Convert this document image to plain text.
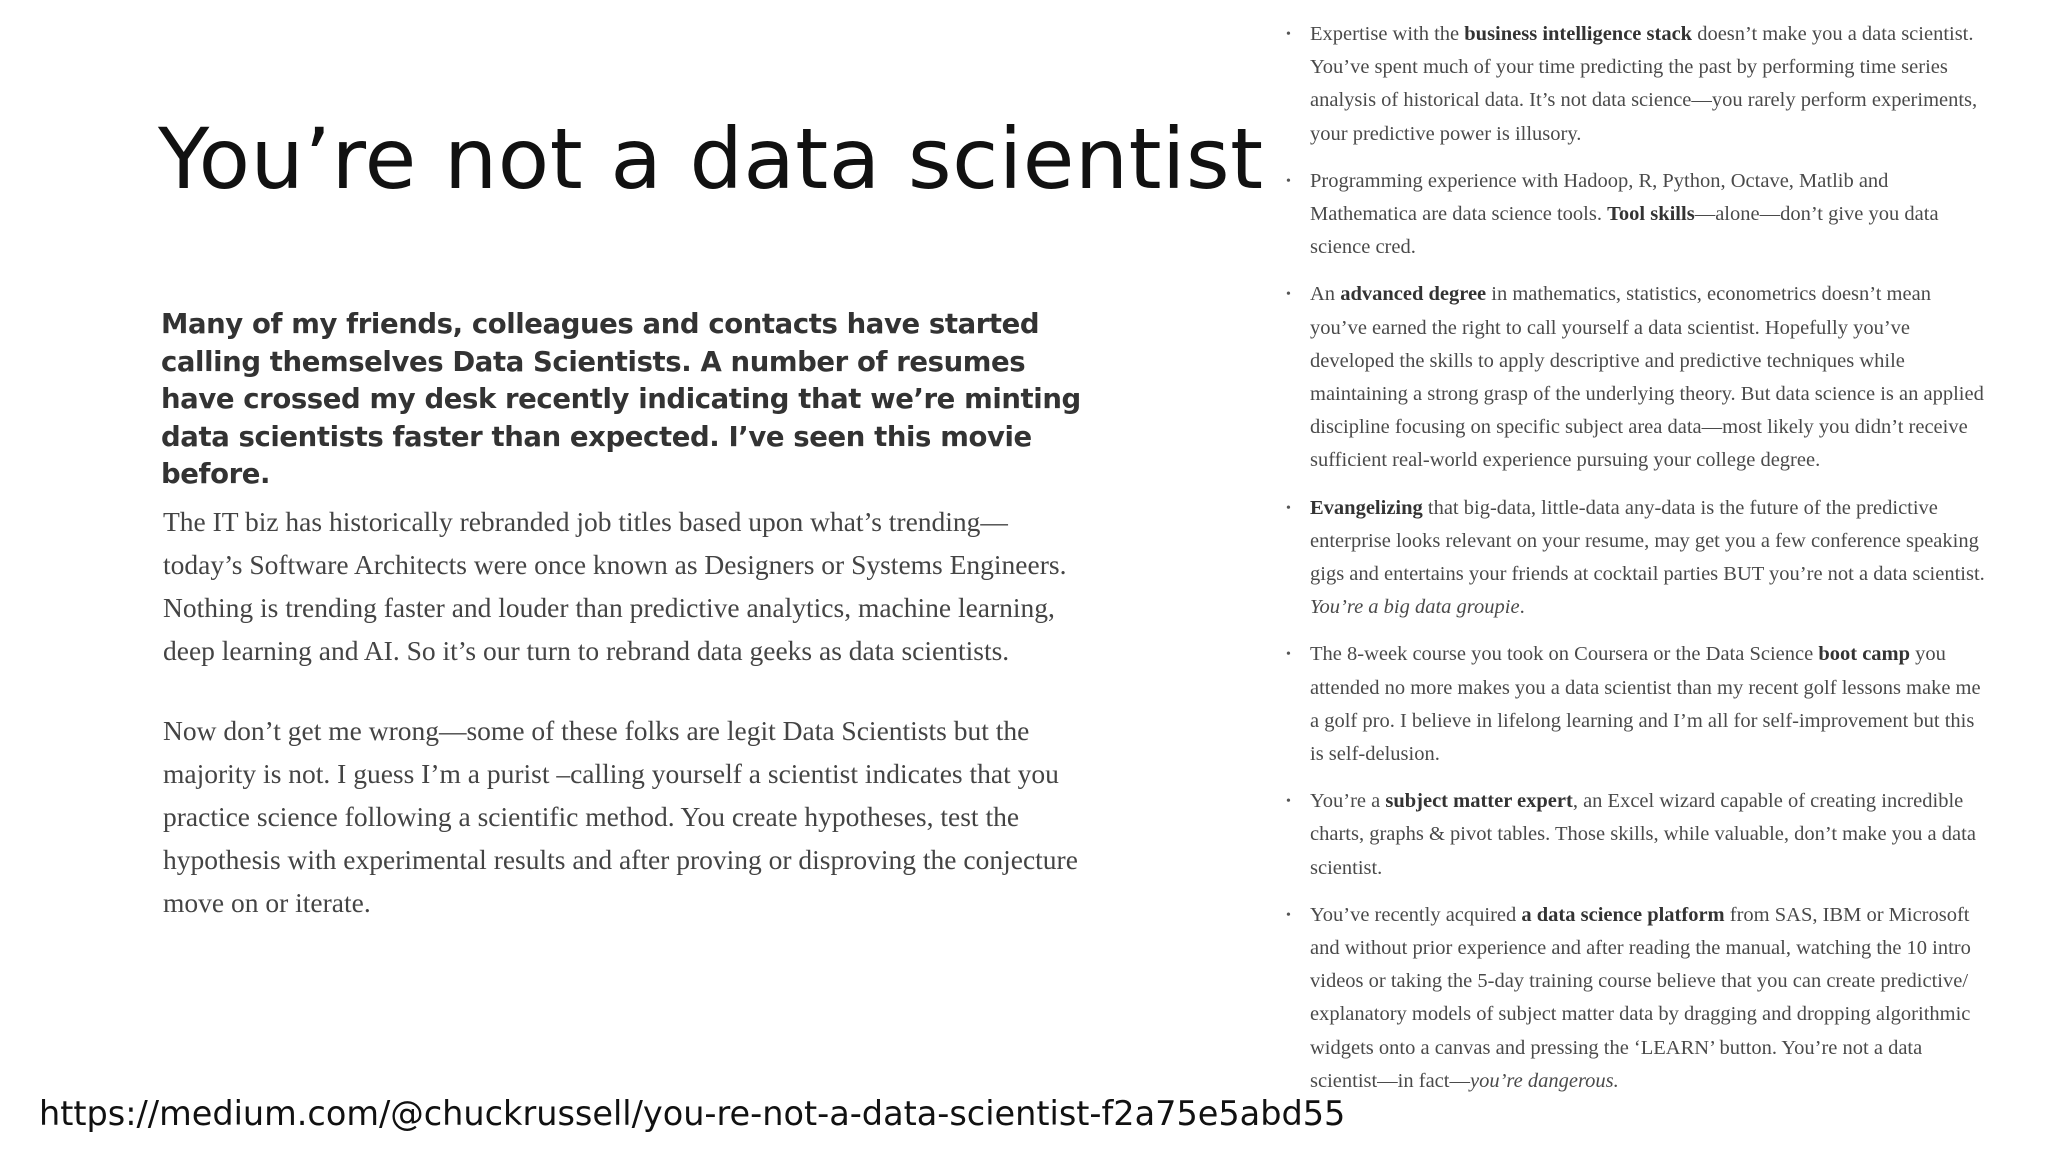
You’re not a data scientist

Many of my friends, colleagues and contacts have started calling themselves Data Scientists. A number of resumes have crossed my desk recently indicating that we’re minting data scientists faster than expected. I’ve seen this movie before.

The IT biz has historically rebranded job titles based upon what’s trending—today’s Software Architects were once known as Designers or Systems Engineers. Nothing is trending faster and louder than predictive analytics, machine learning, deep learning and AI. So it’s our turn to rebrand data geeks as data scientists.

Now don’t get me wrong—some of these folks are legit Data Scientists but the majority is not. I guess I’m a purist –calling yourself a scientist indicates that you practice science following a scientific method. You create hypotheses, test the hypothesis with experimental results and after proving or disproving the conjecture move on or iterate.

• Expertise with the business intelligence stack doesn’t make you a data scientist. You’ve spent much of your time predicting the past by performing time series analysis of historical data. It’s not data science—you rarely perform experiments, your predictive power is illusory.
• Programming experience with Hadoop, R, Python, Octave, Matlib and Mathematica are data science tools. Tool skills—alone—don’t give you data science cred.
• An advanced degree in mathematics, statistics, econometrics doesn’t mean you’ve earned the right to call yourself a data scientist. Hopefully you’ve developed the skills to apply descriptive and predictive techniques while maintaining a strong grasp of the underlying theory. But data science is an applied discipline focusing on specific subject area data—most likely you didn’t receive sufficient real-world experience pursuing your college degree.
• Evangelizing that big-data, little-data any-data is the future of the predictive enterprise looks relevant on your resume, may get you a few conference speaking gigs and entertains your friends at cocktail parties BUT you’re not a data scientist. You’re a big data groupie.
• The 8-week course you took on Coursera or the Data Science boot camp you attended no more makes you a data scientist than my recent golf lessons make me a golf pro. I believe in lifelong learning and I’m all for self-improvement but this is self-delusion.
• You’re a subject matter expert, an Excel wizard capable of creating incredible charts, graphs & pivot tables. Those skills, while valuable, don’t make you a data scientist.
• You’ve recently acquired a data science platform from SAS, IBM or Microsoft and without prior experience and after reading the manual, watching the 10 intro videos or taking the 5-day training course believe that you can create predictive/ explanatory models of subject matter data by dragging and dropping algorithmic widgets onto a canvas and pressing the ‘LEARN’ button. You’re not a data scientist—in fact—you’re dangerous.
https://medium.com/@chuckrussell/you-re-not-a-data-scientist-f2a75e5abd55
